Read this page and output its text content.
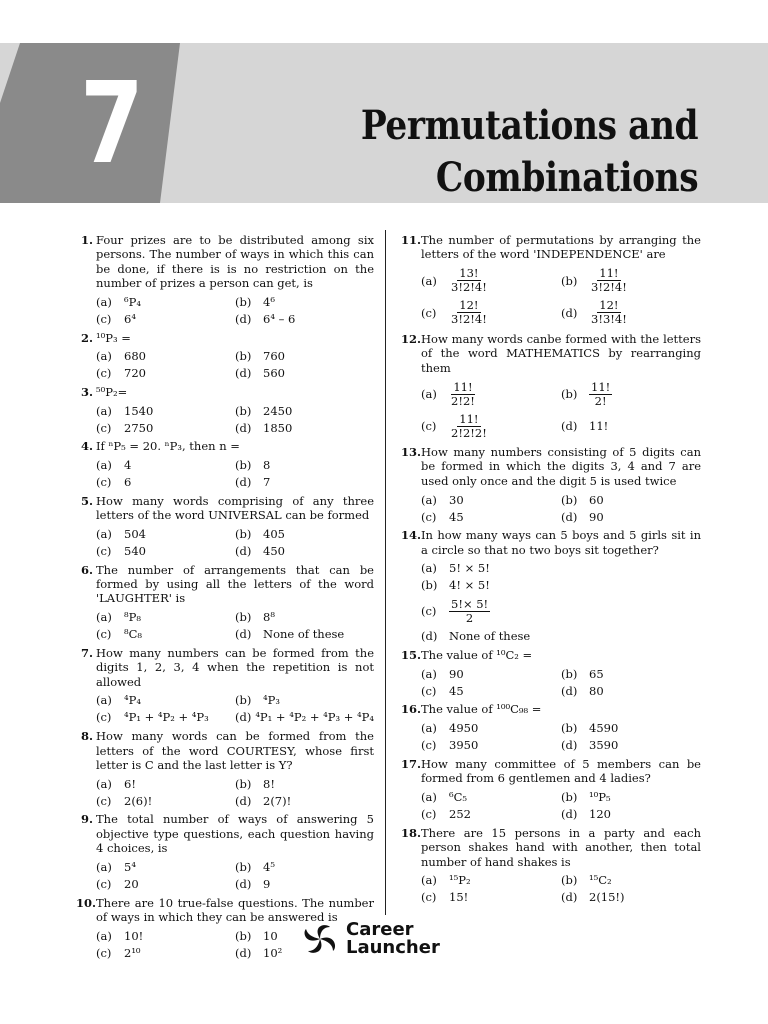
7	Permutations and
Combinations
1. Four prizes are to be distributed among six persons. The number of ways in which this can be done, if there is is no restriction on the number of prizes a person can get, is
(a)	⁶P₄	(b)	4⁶
(c)	6⁴	(d)	6⁴ – 6
2. ¹⁰P₃ =
(a)	680	(b)	760
(c)	720	(d)	560
3. ⁵⁰P₂=
(a)	1540	(b)	2450
(c)	2750	(d)	1850
4. If ⁿP₅ = 20. ⁿP₃, then n =
(a)	4	(b)	8
(c)	6	(d)	7
5. How many words comprising of any three letters of the word UNIVERSAL can be formed
(a)	504	(b)	405
(c)	540	(d)	450
6. The number of arrangements that can be formed by using all the letters of the word 'LAUGHTER' is
(a)	⁸P₈	(b)	8⁸
(c)	⁸C₈	(d)	None of these
7. How many numbers can be formed from the digits 1, 2, 3, 4 when the repetition is not allowed
(a)	⁴P₄	(b)	⁴P₃
(c)	⁴P₁ + ⁴P₂ + ⁴P₃ (d) ⁴P₁ + ⁴P₂ + ⁴P₃ + ⁴P₄
8. How many words can be formed from the letters of the word COURTESY, whose first letter is C and the last letter is Y?
(a)	6!	(b)	8!
(c)	2(6)!	(d)	2(7)!
9. The total number of ways of answering 5 objective type questions, each question having 4 choices, is
(a)	5⁴	(b)	4⁵
(c)	20	(d)	9
10. There are 10 true-false questions. The number of ways in which they can be answered is
(a)	10!	(b)	10
(c)	2¹⁰	(d)	10²
11. The number of permutations by arranging the letters of the word 'INDEPENDENCE' are
(a)	$\frac{13!}{3!2!4!}$	(b)	$\frac{11!}{3!2!4!}$
(c)	$\frac{12!}{3!2!4!}$	(d)	$\frac{12!}{3!3!4!}$
12. How many words canbe formed with the letters of the word MATHEMATICS by rearranging them
(a)	$\frac{11!}{2!2!}$	(b)	$\frac{11!}{2!}$
(c)	$\frac{11!}{2!2!2!}$	(d)	11!
13. How many numbers consisting of 5 digits can be formed in which the digits 3, 4 and 7 are used only once and the digit 5 is used twice
(a)	30	(b)	60
(c)	45	(d)	90
14. In how many ways can 5 boys and 5 girls sit in a circle so that no two boys sit together?
(a)	5! × 5!
(b)	4! × 5!
(c)	$\frac{5!\times 5!}{2}$
(d)	None of these
15. The value of ¹⁰C₂ =
(a)	90	(b)	65
(c)	45	(d)	80
16. The value of ¹⁰⁰C₉₈ =
(a)	4950	(b)	4590
(c)	3950	(d)	3590
17. How many committee of 5 members can be formed from 6 gentlemen and 4 ladies?
(a)	⁶C₅	(b)	¹⁰P₅
(c)	252	(d)	120
18. There are 15 persons in a party and each person shakes hand with another, then total number of hand shakes is
(a)	¹⁵P₂	(b)	¹⁵C₂
(c)	15!	(d)	2(15!)
Career
Launcher
